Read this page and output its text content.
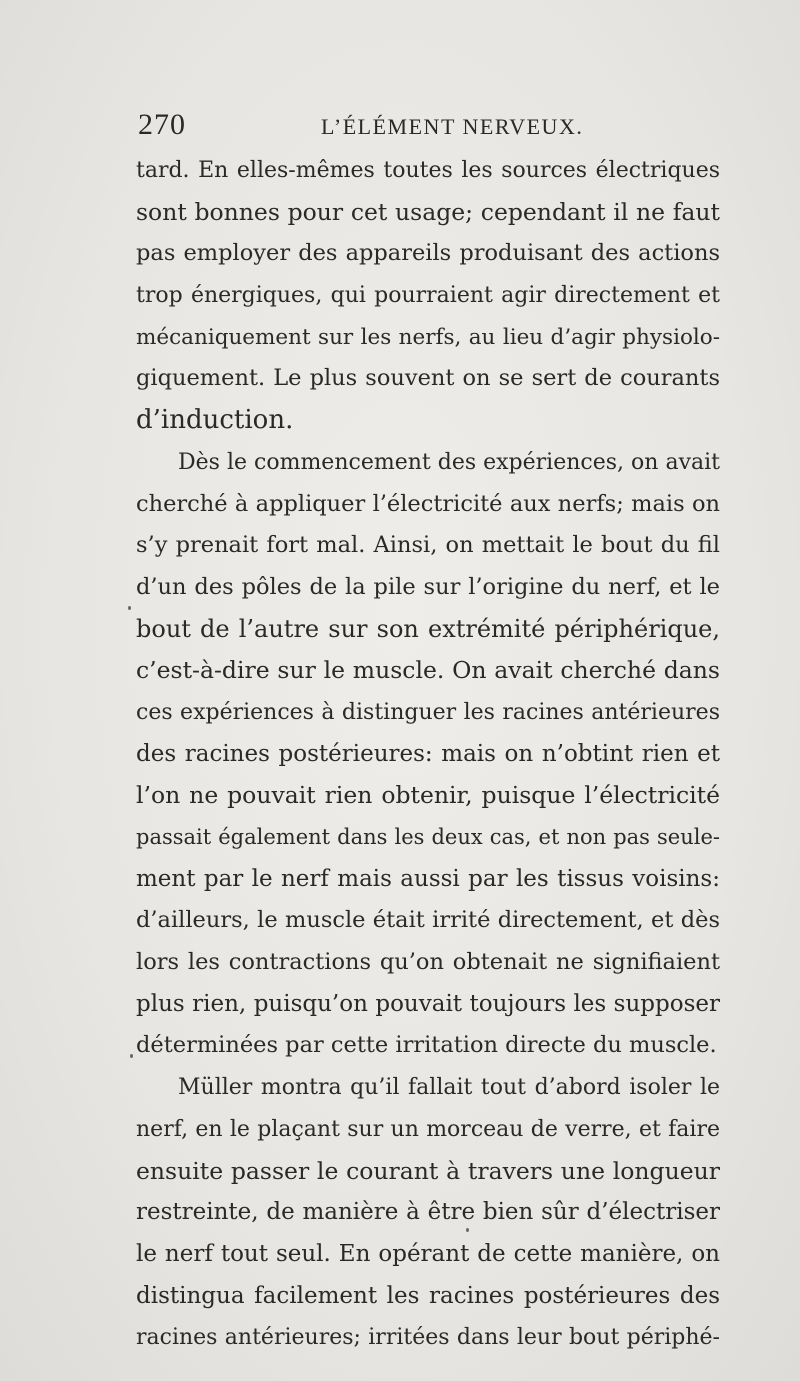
270	L’ÉLÉMENT NERVEUX.
tard. En elles-mêmes toutes les sources électriques
sont bonnes pour cet usage; cependant il ne faut
pas employer des appareils produisant des actions
trop énergiques, qui pourraient agir directement et
mécaniquement sur les nerfs, au lieu d’agir physiolo-
giquement. Le plus souvent on se sert de courants
d’induction.
Dès le commencement des expériences, on avait
cherché à appliquer l’électricité aux nerfs; mais on
s’y prenait fort mal. Ainsi, on mettait le bout du fil
d’un des pôles de la pile sur l’origine du nerf, et le
bout de l’autre sur son extrémité périphérique,
c’est-à-dire sur le muscle. On avait cherché dans
ces expériences à distinguer les racines antérieures
des racines postérieures: mais on n’obtint rien et
l’on ne pouvait rien obtenir, puisque l’électricité
passait également dans les deux cas, et non pas seule-
ment par le nerf mais aussi par les tissus voisins:
d’ailleurs, le muscle était irrité directement, et dès
lors les contractions qu’on obtenait ne signifiaient
plus rien, puisqu’on pouvait toujours les supposer
déterminées par cette irritation directe du muscle.
Müller montra qu’il fallait tout d’abord isoler le
nerf, en le plaçant sur un morceau de verre, et faire
ensuite passer le courant à travers une longueur
restreinte, de manière à être bien sûr d’électriser
le nerf tout seul. En opérant de cette manière, on
distingua facilement les racines postérieures des
racines antérieures; irritées dans leur bout périphé-
